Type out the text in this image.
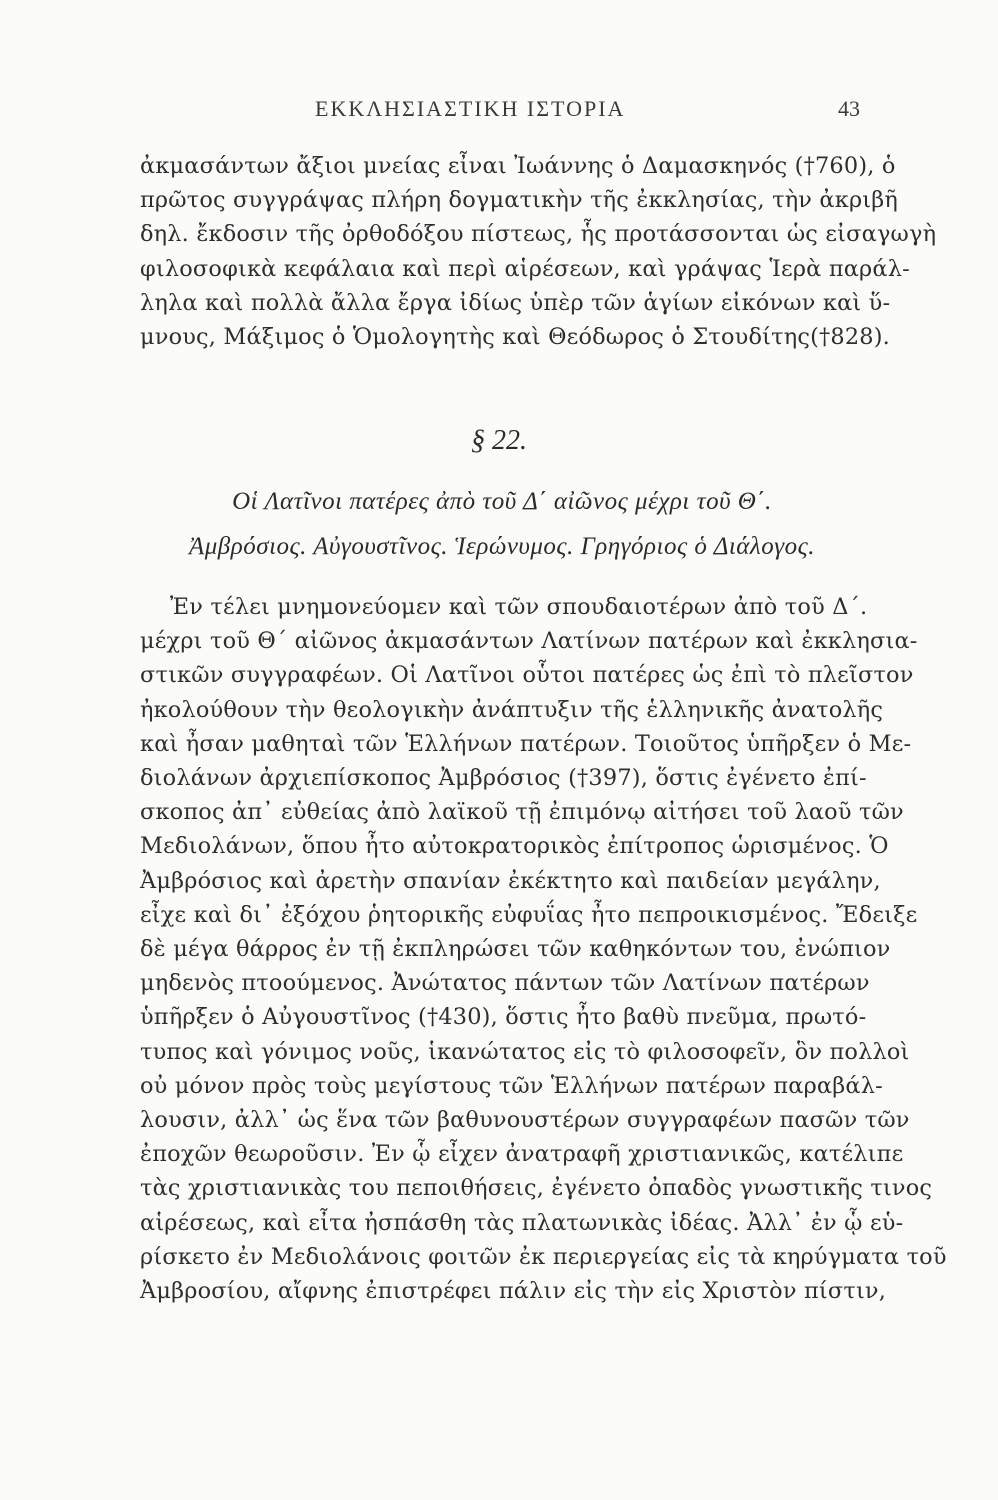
ΕΚΚΛΗΣΙΑΣΤΙΚΗ ΙΣΤΟΡΙΑ	43
ἀκμασάντων ἄξιοι μνείας εἶναι Ἰωάννης ὁ Δαμασκηνός (†760), ὁ
πρῶτος συγγράψας πλήρη δογματικὴν τῆς ἐκκλησίας, τὴν ἀκριβῆ
δηλ. ἔκδοσιν τῆς ὀρθοδόξου πίστεως, ἧς προτάσσονται ὡς εἰσαγωγὴ
φιλοσοφικὰ κεφάλαια καὶ περὶ αἱρέσεων, καὶ γράψας Ἱερὰ παράλ-
ληλα καὶ πολλὰ ἄλλα ἔργα ἰδίως ὑπὲρ τῶν ἁγίων εἰκόνων καὶ ὕ-
μνους, Μάξιμος ὁ Ὁμολογητὴς καὶ Θεόδωρος ὁ Στουδίτης(†828).
§ 22.
Οἱ Λατῖνοι πατέρες ἀπὸ τοῦ Δ΄ αἰῶνος μέχρι τοῦ Θ΄.
Ἀμβρόσιος. Αὐγουστῖνος. Ἱερώνυμος. Γρηγόριος ὁ Διάλογος.
Ἐν τέλει μνημονεύομεν καὶ τῶν σπουδαιοτέρων ἀπὸ τοῦ Δ΄.
μέχρι τοῦ Θ΄ αἰῶνος ἀκμασάντων Λατίνων πατέρων καὶ ἐκκλησια-
στικῶν συγγραφέων. Οἱ Λατῖνοι οὗτοι πατέρες ὡς ἐπὶ τὸ πλεῖστον
ἠκολούθουν τὴν θεολογικὴν ἀνάπτυξιν τῆς ἑλληνικῆς ἀνατολῆς
καὶ ἦσαν μαθηταὶ τῶν Ἑλλήνων πατέρων. Τοιοῦτος ὑπῆρξεν ὁ Με-
διολάνων ἀρχιεπίσκοπος Ἀμβρόσιος (†397), ὅστις ἐγένετο ἐπί-
σκοπος ἀπ᾽ εὐθείας ἀπὸ λαϊκοῦ τῇ ἐπιμόνῳ αἰτήσει τοῦ λαοῦ τῶν
Μεδιολάνων, ὅπου ἦτο αὐτοκρατορικὸς ἐπίτροπος ὡρισμένος. Ὁ
Ἀμβρόσιος καὶ ἀρετὴν σπανίαν ἐκέκτητο καὶ παιδείαν μεγάλην,
εἶχε καὶ δι᾽ ἐξόχου ῥητορικῆς εὐφυΐας ἦτο πεπροικισμένος. Ἔδειξε
δὲ μέγα θάρρος ἐν τῇ ἐκπληρώσει τῶν καθηκόντων του, ἐνώπιον
μηδενὸς πτοούμενος. Ἀνώτατος πάντων τῶν Λατίνων πατέρων
ὑπῆρξεν ὁ Αὐγουστῖνος (†430), ὅστις ἦτο βαθὺ πνεῦμα, πρωτό-
τυπος καὶ γόνιμος νοῦς, ἱκανώτατος εἰς τὸ φιλοσοφεῖν, ὃν πολλοὶ
οὐ μόνον πρὸς τοὺς μεγίστους τῶν Ἑλλήνων πατέρων παραβάλ-
λουσιν, ἀλλ᾽ ὡς ἕνα τῶν βαθυνουστέρων συγγραφέων πασῶν τῶν
ἐποχῶν θεωροῦσιν. Ἐν ᾧ εἶχεν ἀνατραφῆ χριστιανικῶς, κατέλιπε
τὰς χριστιανικὰς του πεποιθήσεις, ἐγένετο ὀπαδὸς γνωστικῆς τινος
αἱρέσεως, καὶ εἶτα ἠσπάσθη τὰς πλατωνικὰς ἰδέας. Ἀλλ᾽ ἐν ᾧ εὑ-
ρίσκετο ἐν Μεδιολάνοις φοιτῶν ἐκ περιεργείας εἰς τὰ κηρύγματα τοῦ
Ἀμβροσίου, αἴφνης ἐπιστρέφει πάλιν εἰς τὴν εἰς Χριστὸν πίστιν,
